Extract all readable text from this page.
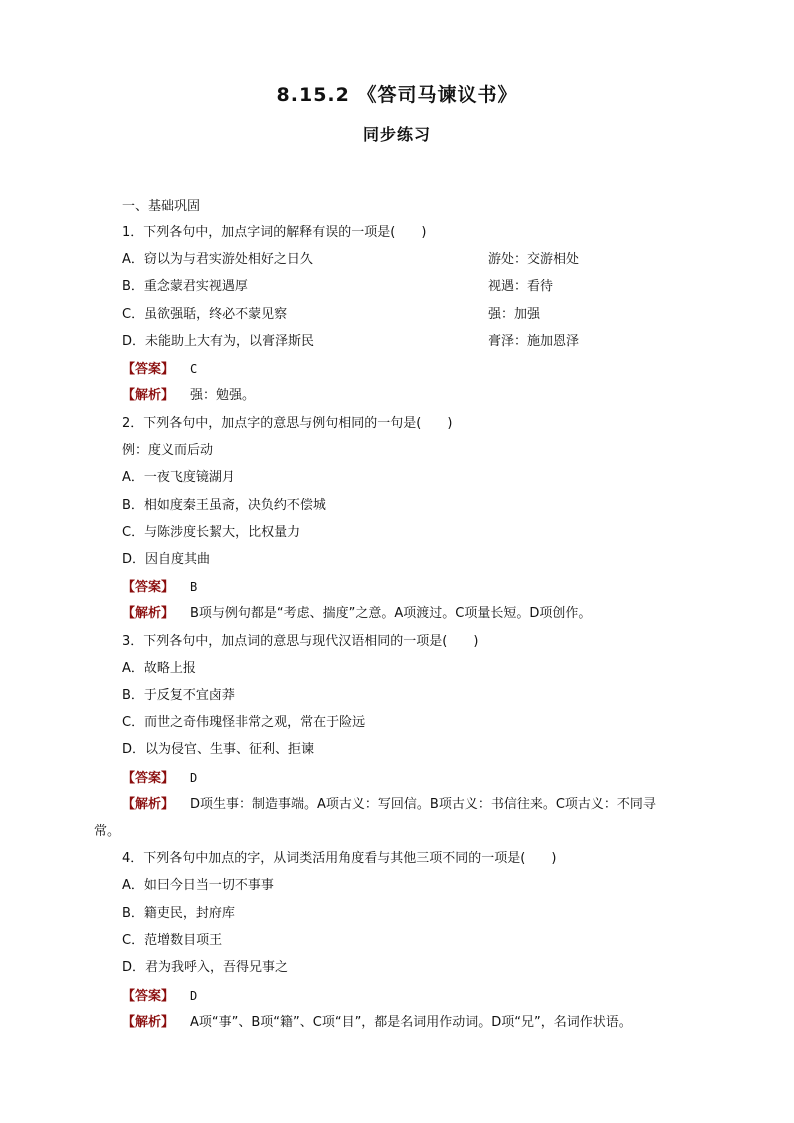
8.15.2 《答司马谏议书》
同步练习
一、基础巩固
1．下列各句中，加点字词的解释有误的一项是(　　)
A．窃以为与君实游处相好之日久	游处：交游相处
B．重念蒙君实视遇厚	视遇：看待
C．虽欲强聒，终必不蒙见察	强：加强
D．未能助上大有为，以膏泽斯民	膏泽：施加恩泽
【答案】 C
【解析】 强：勉强。
2．下列各句中，加点字的意思与例句相同的一句是(　　)
例：度义而后动
A．一夜飞度镜湖月
B．相如度秦王虽斋，决负约不偿城
C．与陈涉度长絜大，比权量力
D．因自度其曲
【答案】 B
【解析】 B项与例句都是“考虑、揣度”之意。A项渡过。C项量长短。D项创作。
3．下列各句中，加点词的意思与现代汉语相同的一项是(　　)
A．故略上报
B．于反复不宜卤莽
C．而世之奇伟瑰怪非常之观，常在于险远
D．以为侵官、生事、征利、拒谏
【答案】 D
【解析】 D项生事：制造事端。A项古义：写回信。B项古义：书信往来。C项古义：不同寻
常。
4．下列各句中加点的字，从词类活用角度看与其他三项不同的一项是(　　)
A．如曰今日当一切不事事
B．籍吏民，封府库
C．范增数目项王
D．君为我呼入，吾得兄事之
【答案】 D
【解析】 A项“事”、B项“籍”、C项“目”，都是名词用作动词。D项“兄”，名词作状语。
